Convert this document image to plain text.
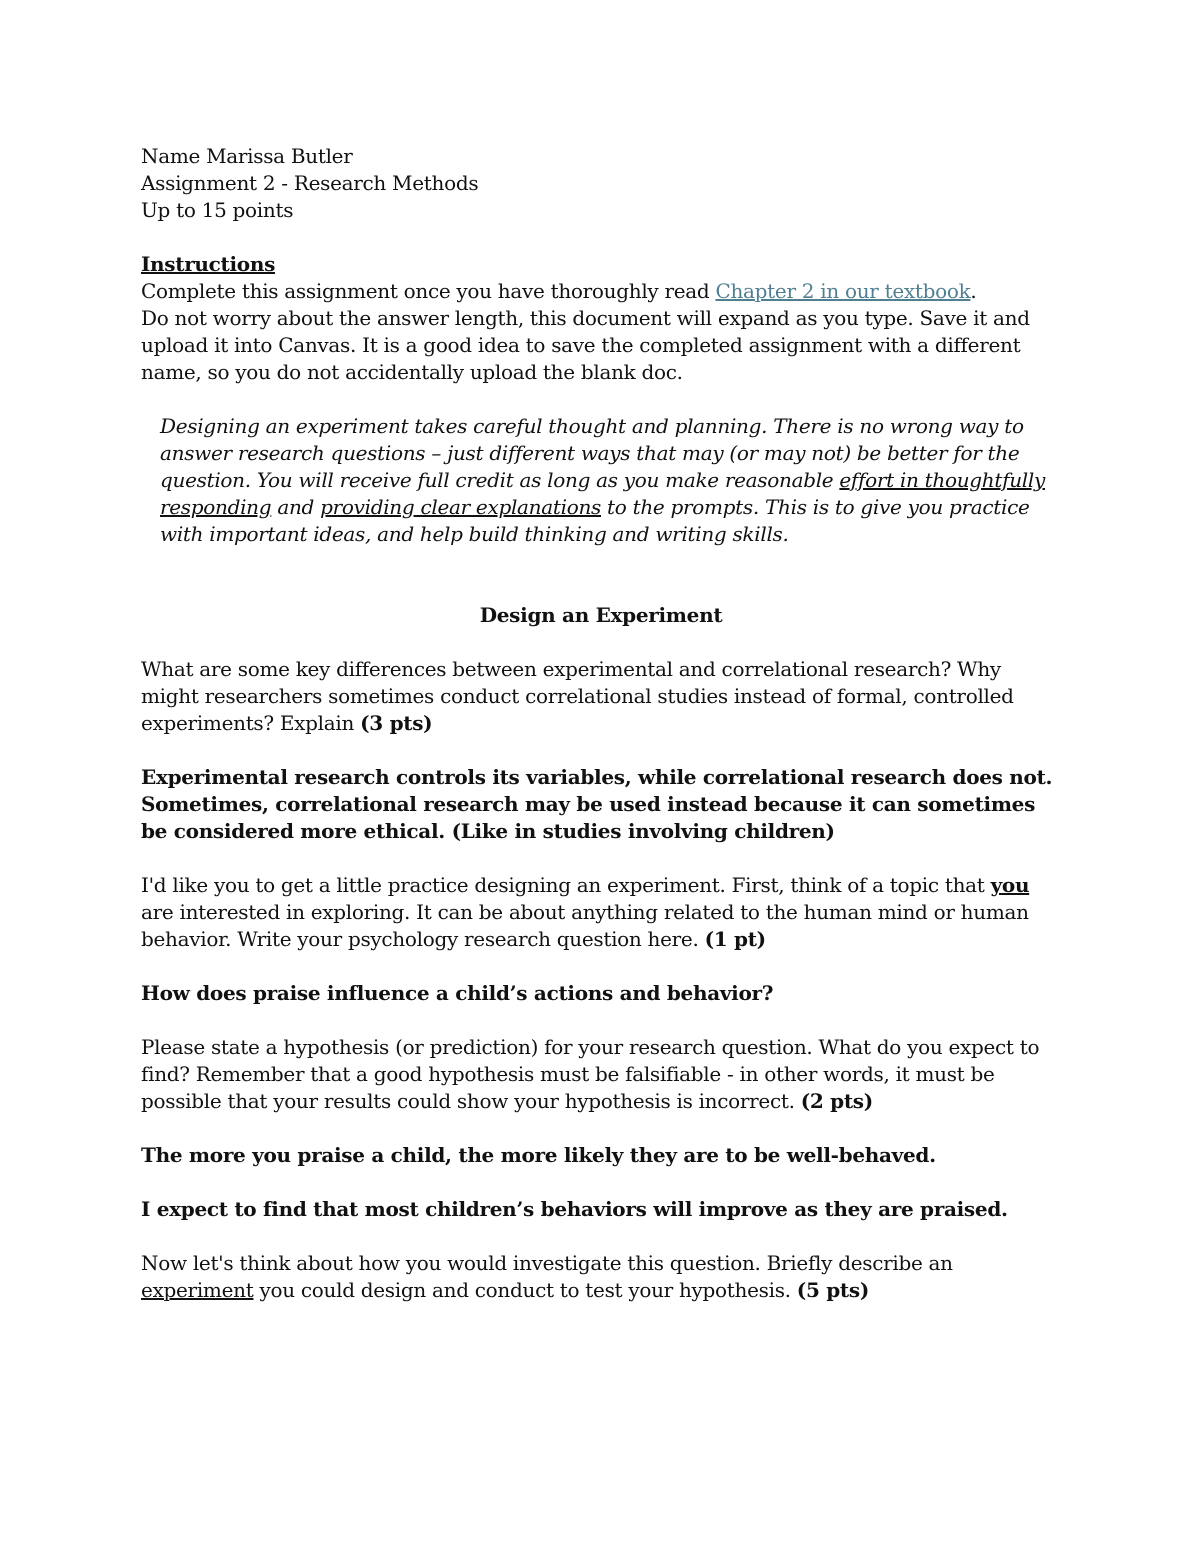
Name Marissa Butler

Assignment 2 - Research Methods

Up to 15 points

Instructions

Complete this assignment once you have thoroughly read Chapter 2 in our textbook.

Do not worry about the answer length, this document will expand as you type. Save it and upload it into Canvas. It is a good idea to save the completed assignment with a different name, so you do not accidentally upload the blank doc.

Designing an experiment takes careful thought and planning. There is no wrong way to answer research questions – just different ways that may (or may not) be better for the question. You will receive full credit as long as you make reasonable effort in thoughtfully responding and providing clear explanations to the prompts. This is to give you practice with important ideas, and help build thinking and writing skills.

Design an Experiment

What are some key differences between experimental and correlational research? Why might researchers sometimes conduct correlational studies instead of formal, controlled experiments? Explain (3 pts)

Experimental research controls its variables, while correlational research does not. Sometimes, correlational research may be used instead because it can sometimes be considered more ethical. (Like in studies involving children)

I'd like you to get a little practice designing an experiment. First, think of a topic that you are interested in exploring. It can be about anything related to the human mind or human behavior. Write your psychology research question here. (1 pt)

How does praise influence a child’s actions and behavior?

Please state a hypothesis (or prediction) for your research question. What do you expect to find? Remember that a good hypothesis must be falsifiable - in other words, it must be possible that your results could show your hypothesis is incorrect. (2 pts)

The more you praise a child, the more likely they are to be well-behaved.

I expect to find that most children’s behaviors will improve as they are praised.

Now let's think about how you would investigate this question. Briefly describe an experiment you could design and conduct to test your hypothesis. (5 pts)
